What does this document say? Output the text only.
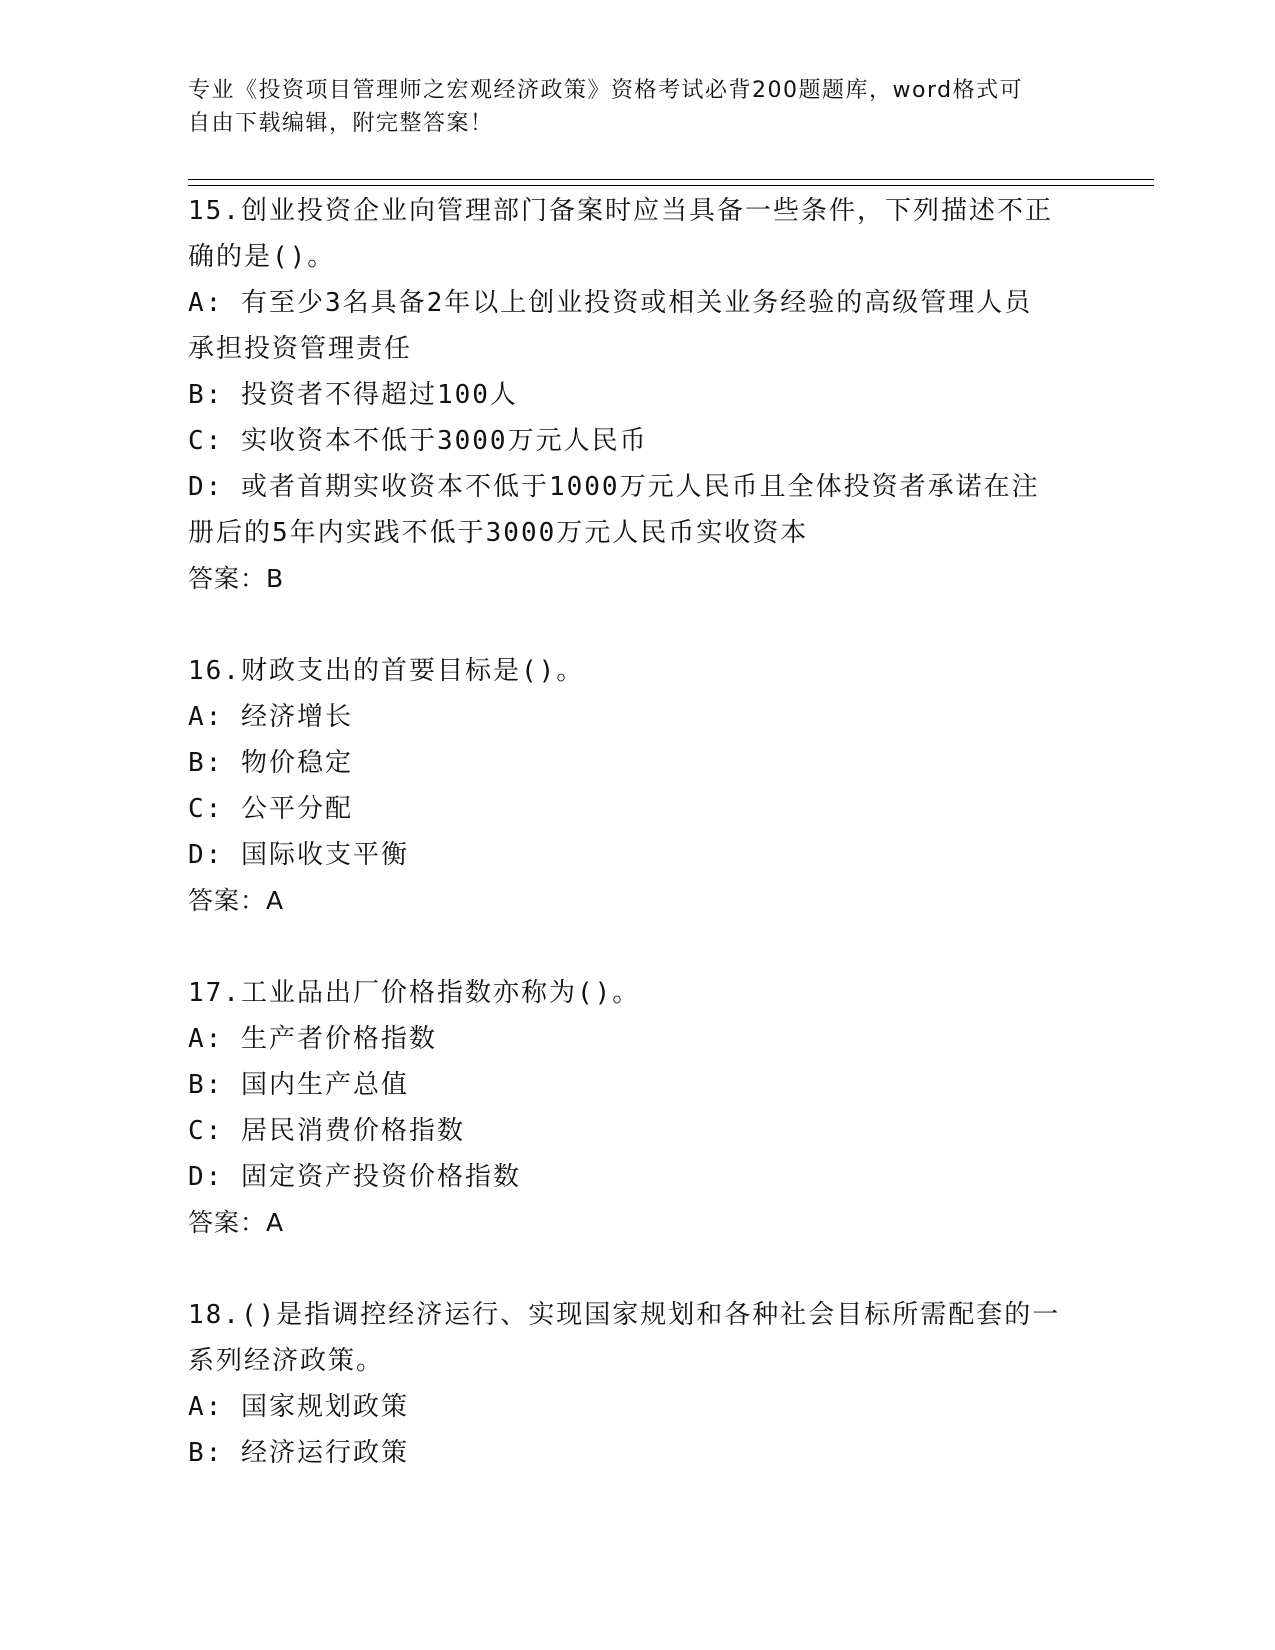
专业《投资项目管理师之宏观经济政策》资格考试必背200题题库，word格式可
自由下载编辑，附完整答案！
15.创业投资企业向管理部门备案时应当具备一些条件，下列描述不正
确的是()。
A: 有至少3名具备2年以上创业投资或相关业务经验的高级管理人员
承担投资管理责任
B: 投资者不得超过100人
C: 实收资本不低于3000万元人民币
D: 或者首期实收资本不低于1000万元人民币且全体投资者承诺在注
册后的5年内实践不低于3000万元人民币实收资本
答案：B
16.财政支出的首要目标是()。
A: 经济增长
B: 物价稳定
C: 公平分配
D: 国际收支平衡
答案：A
17.工业品出厂价格指数亦称为()。
A: 生产者价格指数
B: 国内生产总值
C: 居民消费价格指数
D: 固定资产投资价格指数
答案：A
18.()是指调控经济运行、实现国家规划和各种社会目标所需配套的一
系列经济政策。
A: 国家规划政策
B: 经济运行政策
